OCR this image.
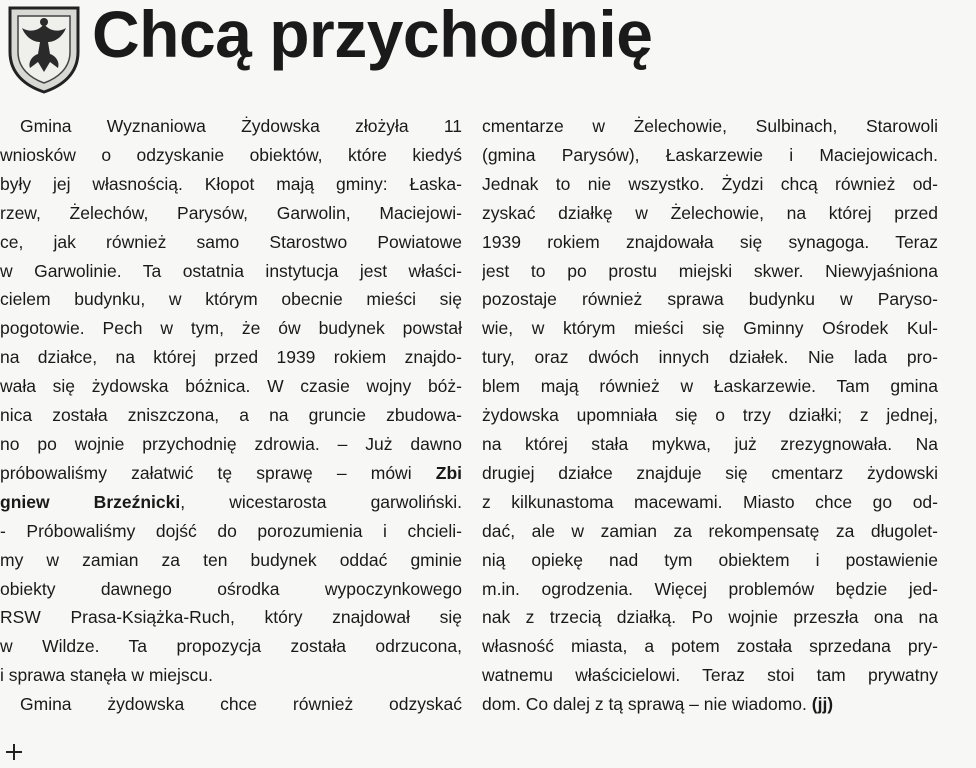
Chcą przychodnię
Gmina Wyznaniowa Żydowska złożyła 11
wniosków o odzyskanie obiektów, które kiedyś
były jej własnością. Kłopot mają gminy: Łaska-
rzew, Żelechów, Parysów, Garwolin, Maciejowi-
ce, jak również samo Starostwo Powiatowe
w Garwolinie. Ta ostatnia instytucja jest właści-
cielem budynku, w którym obecnie mieści się
pogotowie. Pech w tym, że ów budynek powstał
na działce, na której przed 1939 rokiem znajdo-
wała się żydowska bóżnica. W czasie wojny bóż-
nica została zniszczona, a na gruncie zbudowa-
no po wojnie przychodnię zdrowia. – Już dawno
próbowaliśmy załatwić tę sprawę – mówi Zbi
gniew Brzeźnicki, wicestarosta garwoliński.
- Próbowaliśmy dojść do porozumienia i chcieli-
my w zamian za ten budynek oddać gminie
obiekty dawnego ośrodka wypoczynkowego
RSW Prasa-Książka-Ruch, który znajdował się
w Wildze. Ta propozycja została odrzucona,
i sprawa stanęła w miejscu.
Gmina żydowska chce również odzyskać
cmentarze w Żelechowie, Sulbinach, Starowoli
(gmina Parysów), Łaskarzewie i Maciejowicach.
Jednak to nie wszystko. Żydzi chcą również od-
zyskać działkę w Żelechowie, na której przed
1939 rokiem znajdowała się synagoga. Teraz
jest to po prostu miejski skwer. Niewyjaśniona
pozostaje również sprawa budynku w Paryso-
wie, w którym mieści się Gminny Ośrodek Kul-
tury, oraz dwóch innych działek. Nie lada pro-
blem mają również w Łaskarzewie. Tam gmina
żydowska upomniała się o trzy działki; z jednej,
na której stała mykwa, już zrezygnowała. Na
drugiej działce znajduje się cmentarz żydowski
z kilkunastoma macewami. Miasto chce go od-
dać, ale w zamian za rekompensatę za długolet-
nią opiekę nad tym obiektem i postawienie
m.in. ogrodzenia. Więcej problemów będzie jed-
nak z trzecią działką. Po wojnie przeszła ona na
własność miasta, a potem została sprzedana pry-
watnemu właścicielowi. Teraz stoi tam prywatny
dom. Co dalej z tą sprawą – nie wiadomo. (jj)
